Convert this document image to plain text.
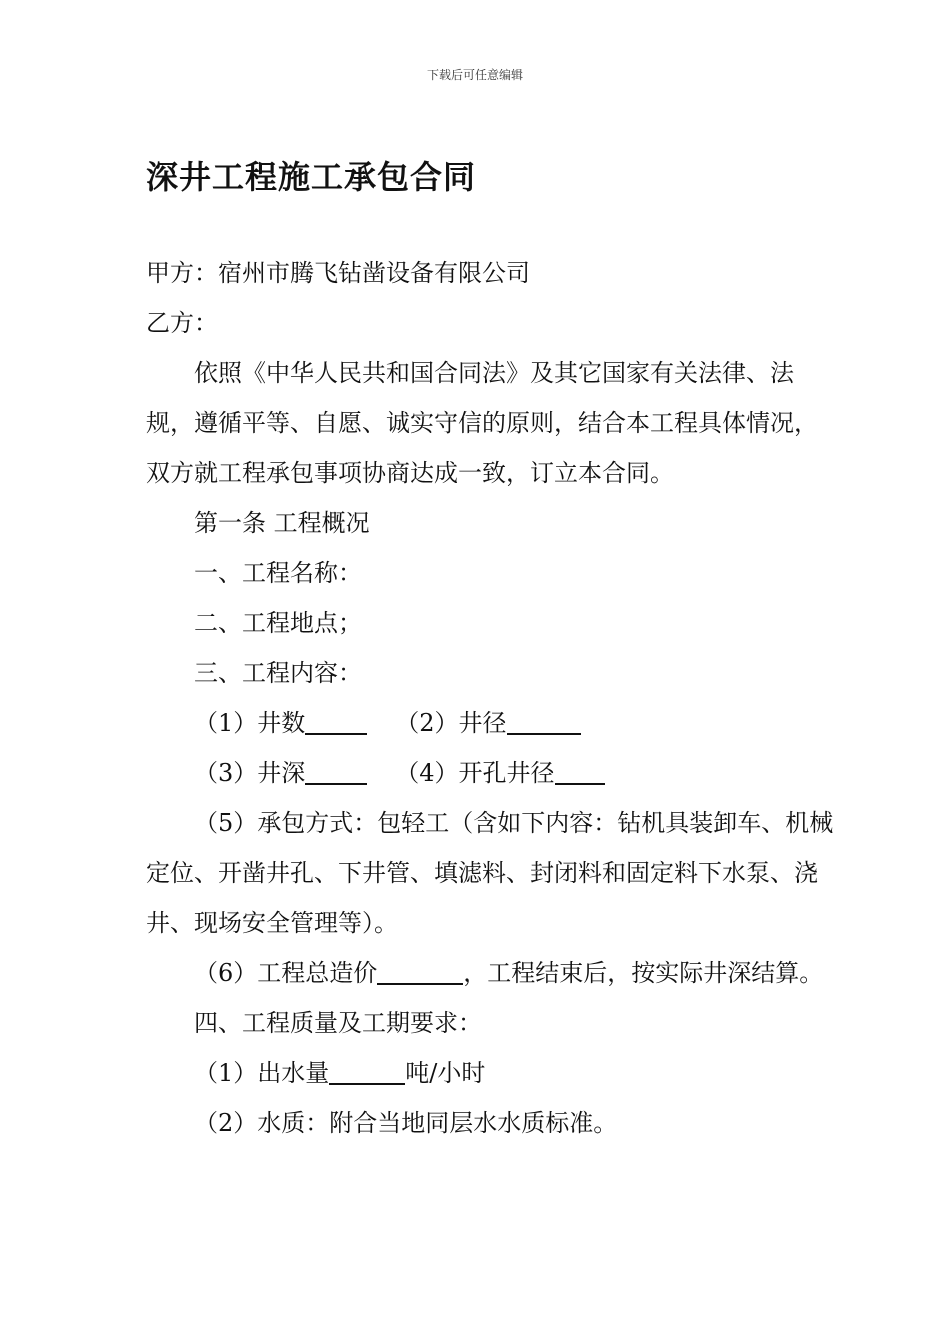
下载后可任意编辑
深井工程施工承包合同

甲方：宿州市腾飞钻凿设备有限公司

乙方：

依照《中华人民共和国合同法》及其它国家有关法律、法规，遵循平等、自愿、诚实守信的原则，结合本工程具体情况，双方就工程承包事项协商达成一致，订立本合同。

第一条 工程概况

一、工程名称：

二、工程地点；

三、工程内容：

（1）井数	（2）井径

（3）井深	（4）开孔井径

（5）承包方式：包轻工（含如下内容：钻机具装卸车、机械定位、开凿井孔、下井管、填滤料、封闭料和固定料下水泵、浇井、现场安全管理等）。

（6）工程总造价	，工程结束后，按实际井深结算。

四、工程质量及工期要求：

（1）出水量	吨/小时

（2）水质：附合当地同层水水质标准。
